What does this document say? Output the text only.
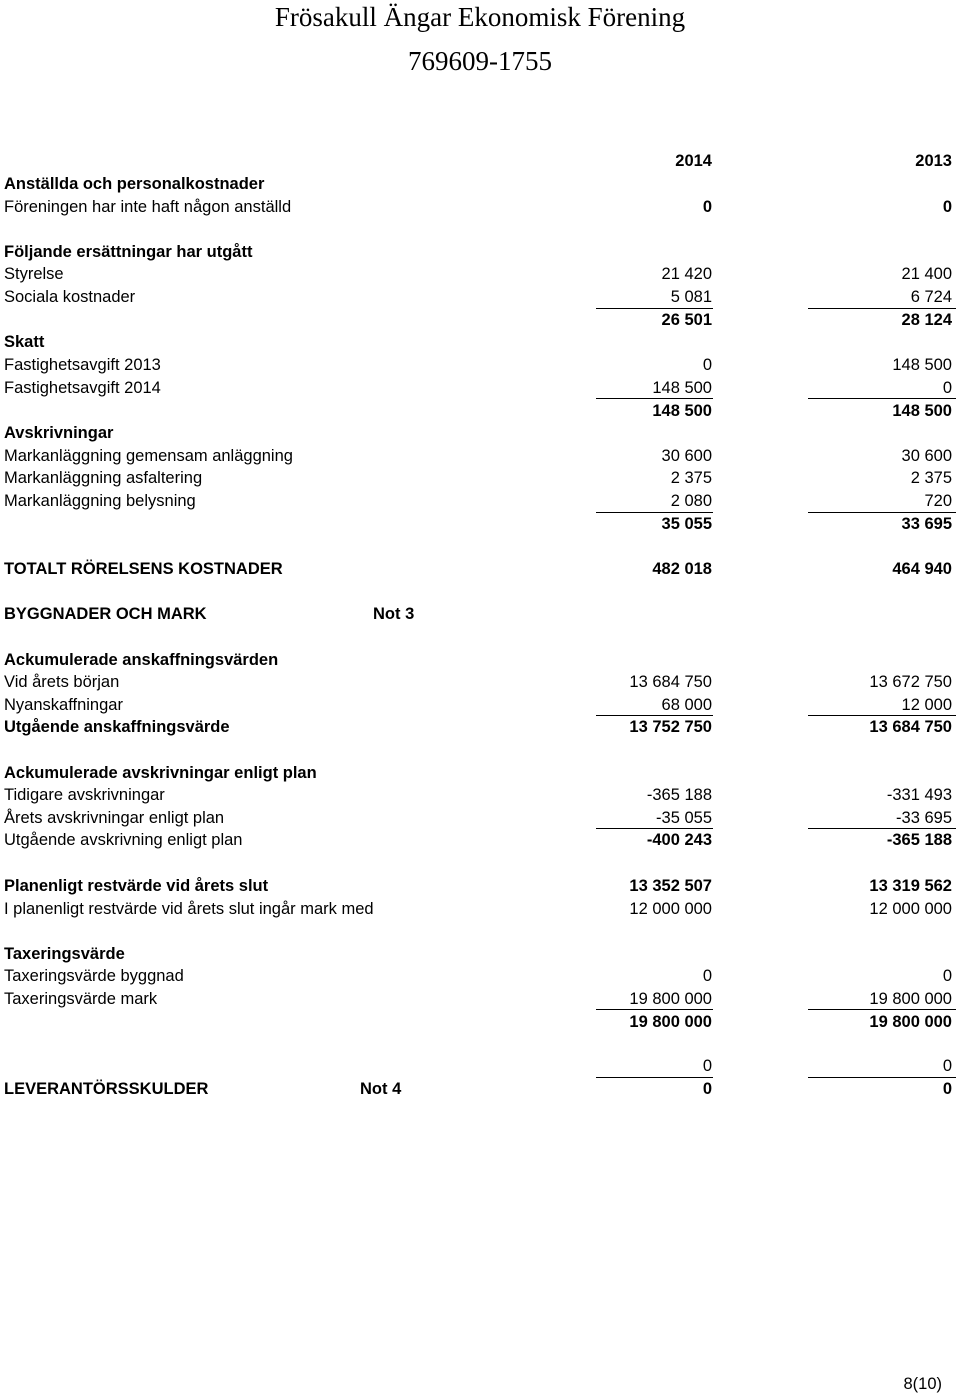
Frösakull Ängar Ekonomisk Förening
769609-1755
2014	2013
Anställda och personalkostnader
Föreningen har inte haft någon anställd	0	0
Följande ersättningar har utgått
Styrelse	21 420	21 400
Sociala kostnader	5 081	6 724
26 501	28 124
Skatt
Fastighetsavgift 2013	0	148 500
Fastighetsavgift 2014	148 500	0
148 500	148 500
Avskrivningar
Markanläggning gemensam anläggning	30 600	30 600
Markanläggning asfaltering	2 375	2 375
Markanläggning belysning	2 080	720
35 055	33 695
TOTALT RÖRELSENS KOSTNADER	482 018	464 940
BYGGNADER OCH MARK	Not 3
Ackumulerade anskaffningsvärden
Vid årets början	13 684 750	13 672 750
Nyanskaffningar	68 000	12 000
Utgående anskaffningsvärde	13 752 750	13 684 750
Ackumulerade avskrivningar enligt plan
Tidigare avskrivningar	-365 188	-331 493
Årets avskrivningar enligt plan	-35 055	-33 695
Utgående avskrivning enligt plan	-400 243	-365 188
Planenligt restvärde vid årets slut	13 352 507	13 319 562
I planenligt restvärde vid årets slut ingår mark med	12 000 000	12 000 000
Taxeringsvärde
Taxeringsvärde byggnad	0	0
Taxeringsvärde mark	19 800 000	19 800 000
19 800 000	19 800 000
0	0
LEVERANTÖRSSKULDER	Not 4	0	0
8(10)
